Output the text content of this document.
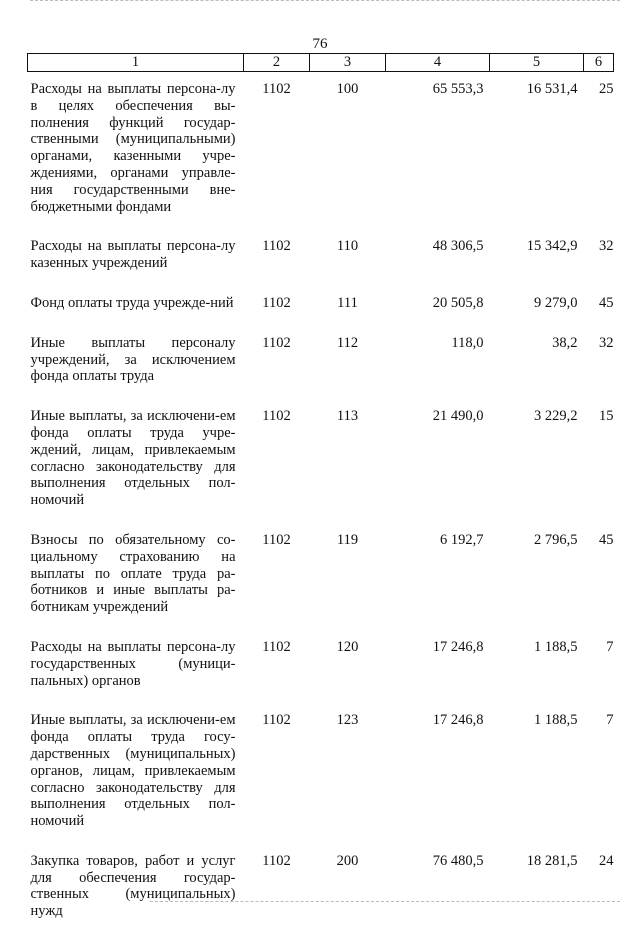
76
1	2	3	4	5	6
Расходы на выплаты персона-лу в целях обеспечения вы-полнения функций государ-ственными (муниципальными) органами, казенными учре-ждениями, органами управле-ния государственными вне-бюджетными фондами	1102	100	65 553,3	16 531,4	25
Расходы на выплаты персона-лу казенных учреждений	1102	110	48 306,5	15 342,9	32
Фонд оплаты труда учрежде-ний	1102	111	20 505,8	9 279,0	45
Иные выплаты персоналу учреждений, за исключением фонда оплаты труда	1102	112	118,0	38,2	32
Иные выплаты, за исключени-ем фонда оплаты труда учре-ждений, лицам, привлекаемым согласно законодательству для выполнения отдельных пол-номочий	1102	113	21 490,0	3 229,2	15
Взносы по обязательному со-циальному страхованию на выплаты по оплате труда ра-ботников и иные выплаты ра-ботникам учреждений	1102	119	6 192,7	2 796,5	45
Расходы на выплаты персона-лу государственных (муници-пальных) органов	1102	120	17 246,8	1 188,5	7
Иные выплаты, за исключени-ем фонда оплаты труда госу-дарственных (муниципальных) органов, лицам, привлекаемым согласно законодательству для выполнения отдельных пол-номочий	1102	123	17 246,8	1 188,5	7
Закупка товаров, работ и услуг для обеспечения государ-ственных (муниципальных) нужд	1102	200	76 480,5	18 281,5	24
